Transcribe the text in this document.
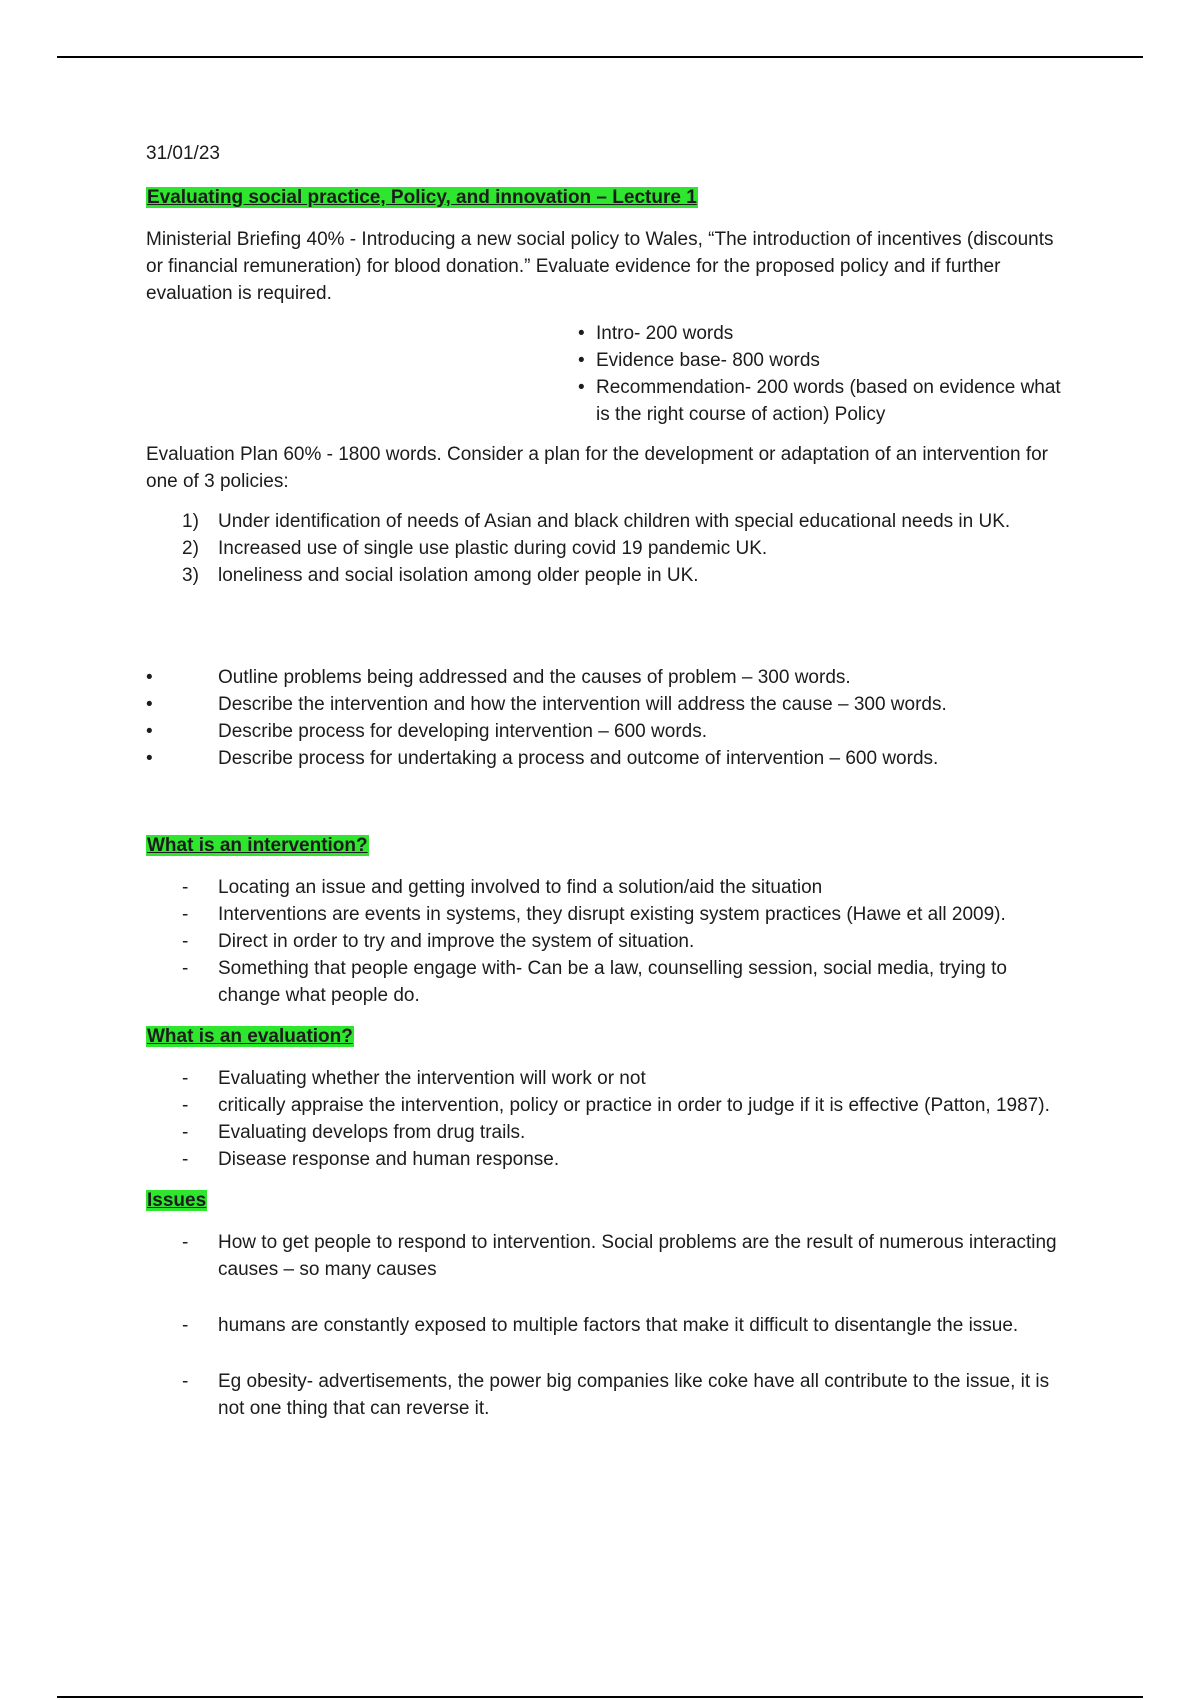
31/01/23

Evaluating social practice, Policy, and innovation – Lecture 1

Ministerial Briefing 40% - Introducing a new social policy to Wales, “The introduction of incentives (discounts or financial remuneration) for blood donation.” Evaluate evidence for the proposed policy and if further evaluation is required.

• Intro- 200 words
• Evidence base- 800 words
• Recommendation- 200 words (based on evidence what is the right course of action) Policy

Evaluation Plan 60% - 1800 words. Consider a plan for the development or adaptation of an intervention for one of 3 policies:

1) Under identification of needs of Asian and black children with special educational needs in UK.
2) Increased use of single use plastic during covid 19 pandemic UK.
3) loneliness and social isolation among older people in UK.
•	Outline problems being addressed and the causes of problem – 300 words.
•	Describe the intervention and how the intervention will address the cause – 300 words.
•	Describe process for developing intervention – 600 words.
•	Describe process for undertaking a process and outcome of intervention – 600 words.

What is an intervention?

- Locating an issue and getting involved to find a solution/aid the situation
- Interventions are events in systems, they disrupt existing system practices (Hawe et all 2009).
- Direct in order to try and improve the system of situation.
- Something that people engage with- Can be a law, counselling session, social media, trying to change what people do.

What is an evaluation?

- Evaluating whether the intervention will work or not
- critically appraise the intervention, policy or practice in order to judge if it is effective (Patton, 1987).
- Evaluating develops from drug trails.
- Disease response and human response.

Issues

- How to get people to respond to intervention. Social problems are the result of numerous interacting causes – so many causes
- humans are constantly exposed to multiple factors that make it difficult to disentangle the issue.
- Eg obesity- advertisements, the power big companies like coke have all contribute to the issue, it is not one thing that can reverse it.
